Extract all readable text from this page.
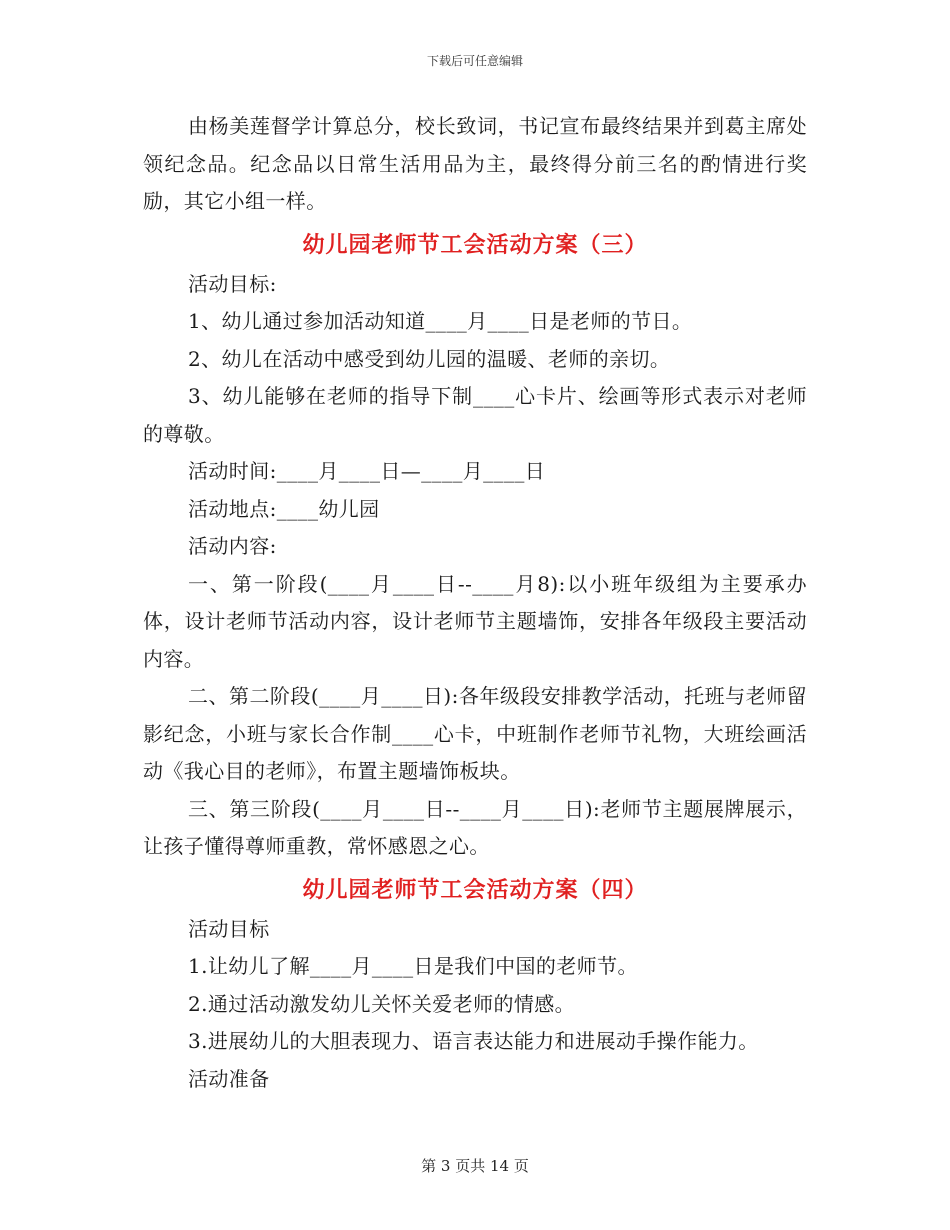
下载后可任意编辑

由杨美莲督学计算总分，校长致词，书记宣布最终结果并到葛主席处领纪念品。纪念品以日常生活用品为主，最终得分前三名的酌情进行奖励，其它小组一样。

幼儿园老师节工会活动方案（三）

活动目标:

1、幼儿通过参加活动知道____月____日是老师的节日。

2、幼儿在活动中感受到幼儿园的温暖、老师的亲切。

3、幼儿能够在老师的指导下制____心卡片、绘画等形式表示对老师的尊敬。

活动时间:____月____日—____月____日

活动地点:____幼儿园

活动内容:

一、第一阶段(____月____日--____月8):以小班年级组为主要承办体，设计老师节活动内容，设计老师节主题墙饰，安排各年级段主要活动内容。

二、第二阶段(____月____日):各年级段安排教学活动，托班与老师留影纪念，小班与家长合作制____心卡，中班制作老师节礼物，大班绘画活动《我心目的老师》，布置主题墙饰板块。

三、第三阶段(____月____日--____月____日):老师节主题展牌展示，让孩子懂得尊师重教，常怀感恩之心。

幼儿园老师节工会活动方案（四）

活动目标

1.让幼儿了解____月____日是我们中国的老师节。

2.通过活动激发幼儿关怀关爱老师的情感。

3.进展幼儿的大胆表现力、语言表达能力和进展动手操作能力。

活动准备

第 3 页共 14 页
